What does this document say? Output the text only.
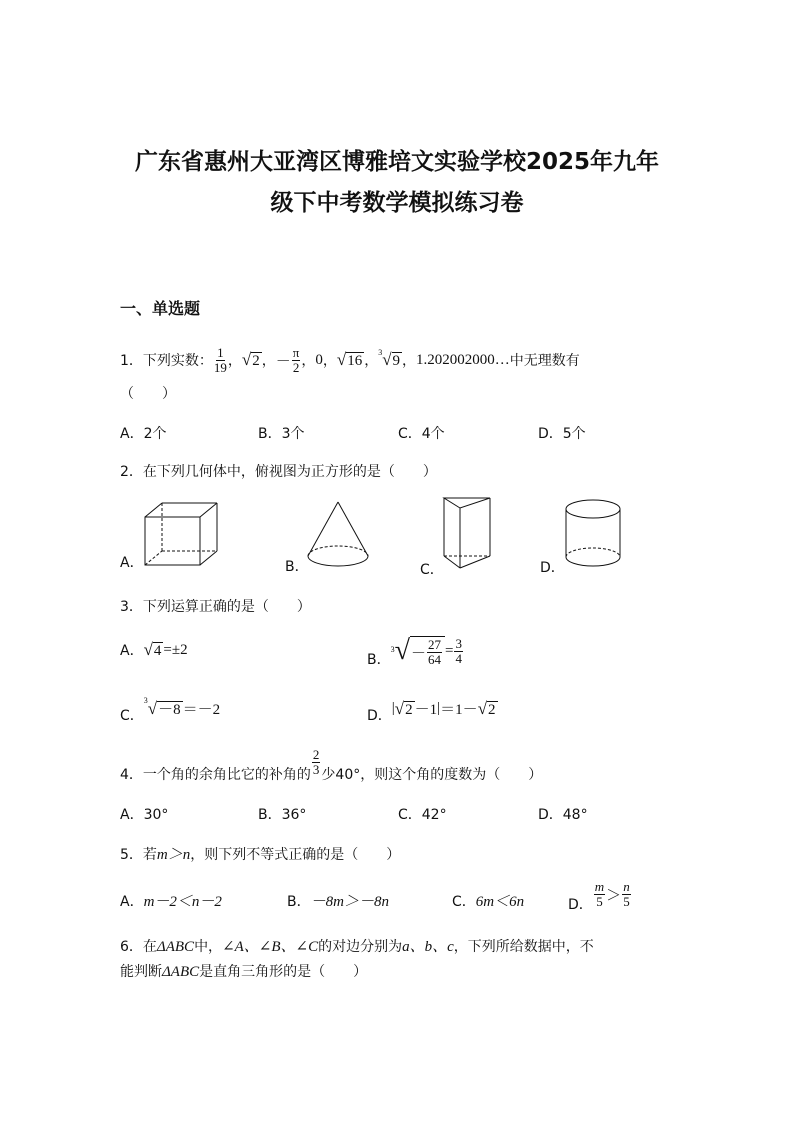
广东省惠州大亚湾区博雅培文实验学校2025年九年
级下中考数学模拟练习卷
一、单选题
1．下列实数： $\frac{1}{19}$ ， √2 ， － $\frac{\pi}{2}$ ， 0 ， √16 ，
$^3$√9 ， 1.202002000… 中无理数有
（　　）
A．2个	B．3个	C．4个	D．5个
2．在下列几何体中，俯视图为正方形的是（　　）
A．	B．	C．	D．
3．下列运算正确的是（　　）
A． √4 =±2
B．
3 √ － $\frac{27}{64} = \frac{3}{4}$
C．
$^3$√－8 ＝－2	D． | √2 －1 | ＝1－ √2
4．一个角的余角比它的补角的 $\frac{2}{3}$ 少40°，则这个角的度数为（　　）
A．30°	B．36°	C．42°	D．48°
5．若m＞n，则下列不等式正确的是（　　）
A．m－2＜n－2	B．－8m＞－8n	C．6m＜6n	D． $\frac{m}{5} > \frac{n}{5}$
6．在ΔABC中，∠A、∠B、∠C的对边分别为a、b、c，下列所给数据中，不
能判断ΔABC是直角三角形的是（　　）
